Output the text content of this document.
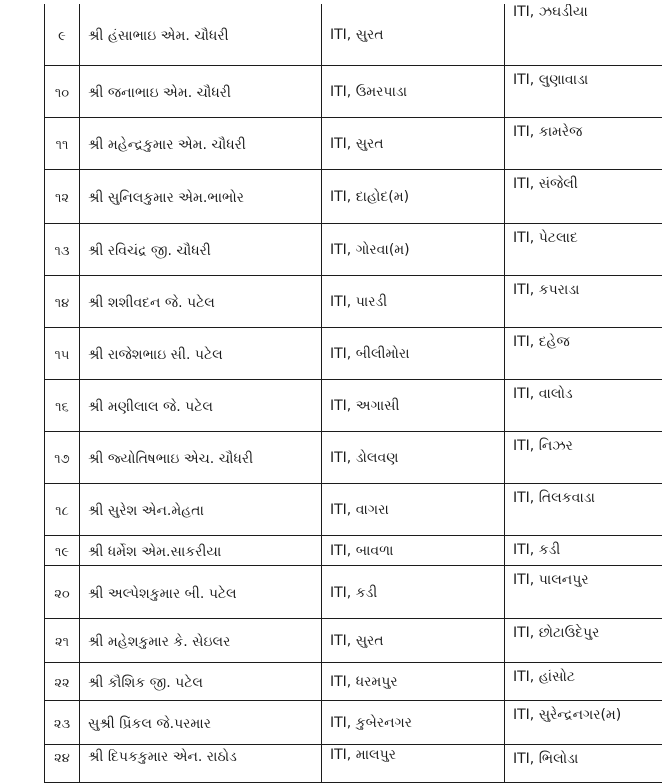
૯	શ્રી હંસાભાઇ એમ. ચૌધરી	ITI, સુરત	ITI, ઝઘડીયા
૧૦	શ્રી જનાભાઇ એમ. ચૌધરી	ITI, ઉમરપાડા	ITI, લુણાવાડા
૧૧	શ્રી મહેન્દ્રકુમાર એમ. ચૌધરી	ITI, સુરત	ITI, કામરેજ
૧૨	શ્રી સુનિલકુમાર એમ.ભાભોર	ITI, દાહોદ(મ)	ITI, સંજેલી
૧૩	શ્રી રવિચંદ્ર જી. ચૌધરી	ITI, ગોરવા(મ)	ITI, પેટલાદ
૧૪	શ્રી શશીવદન જે. પટેલ	ITI, પારડી	ITI, કપરાડા
૧૫	શ્રી રાજેશભાઇ સી. પટેલ	ITI, બીલીમોરા	ITI, દહેજ
૧૬	શ્રી મણીલાલ જે. પટેલ	ITI, અગાસી	ITI, વાલોડ
૧૭	શ્રી જ્યોતિષભાઇ એચ. ચૌધરી	ITI, ડોલવણ	ITI, નિઝર
૧૮	શ્રી સુરેશ એન.મેહતા	ITI, વાગરા	ITI, તિલકવાડા
૧૯	શ્રી ધર્મેશ એમ.સાકરીયા	ITI, બાવળા	ITI, કડી
૨૦	શ્રી અલ્પેશકુમાર બી. પટેલ	ITI, કડી	ITI, પાલનપુર
૨૧	શ્રી મહેશકુમાર કે. સેઇલર	ITI, સુરત	ITI, છોટાઉદેપુર
૨૨	શ્રી કૌશિક જી. પટેલ	ITI, ધરમપુર	ITI, હાંસોટ
૨૩	સુશ્રી પ્રિંકલ જે.પરમાર	ITI, કુબેરનગર	ITI, સુરેન્દ્રનગર(મ)
૨૪	શ્રી દિપકકુમાર એન. રાઠોડ	ITI, માલપુર	ITI, ભિલોડા
